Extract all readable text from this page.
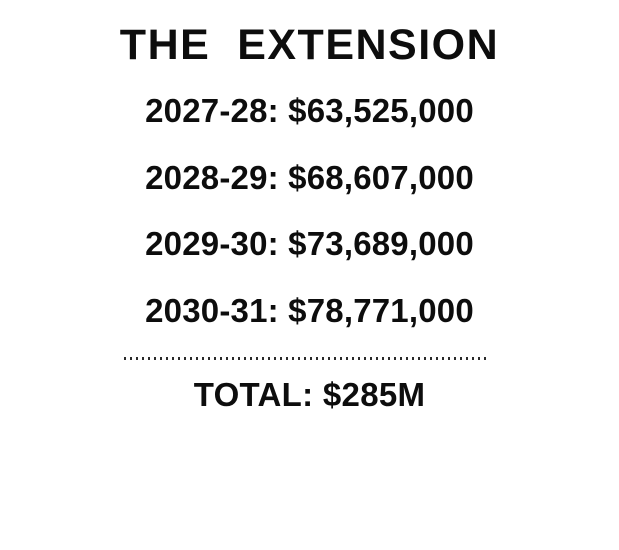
THE  EXTENSION
2027-28: $63,525,000
2028-29: $68,607,000
2029-30: $73,689,000
2030-31: $78,771,000
TOTAL: $285M
